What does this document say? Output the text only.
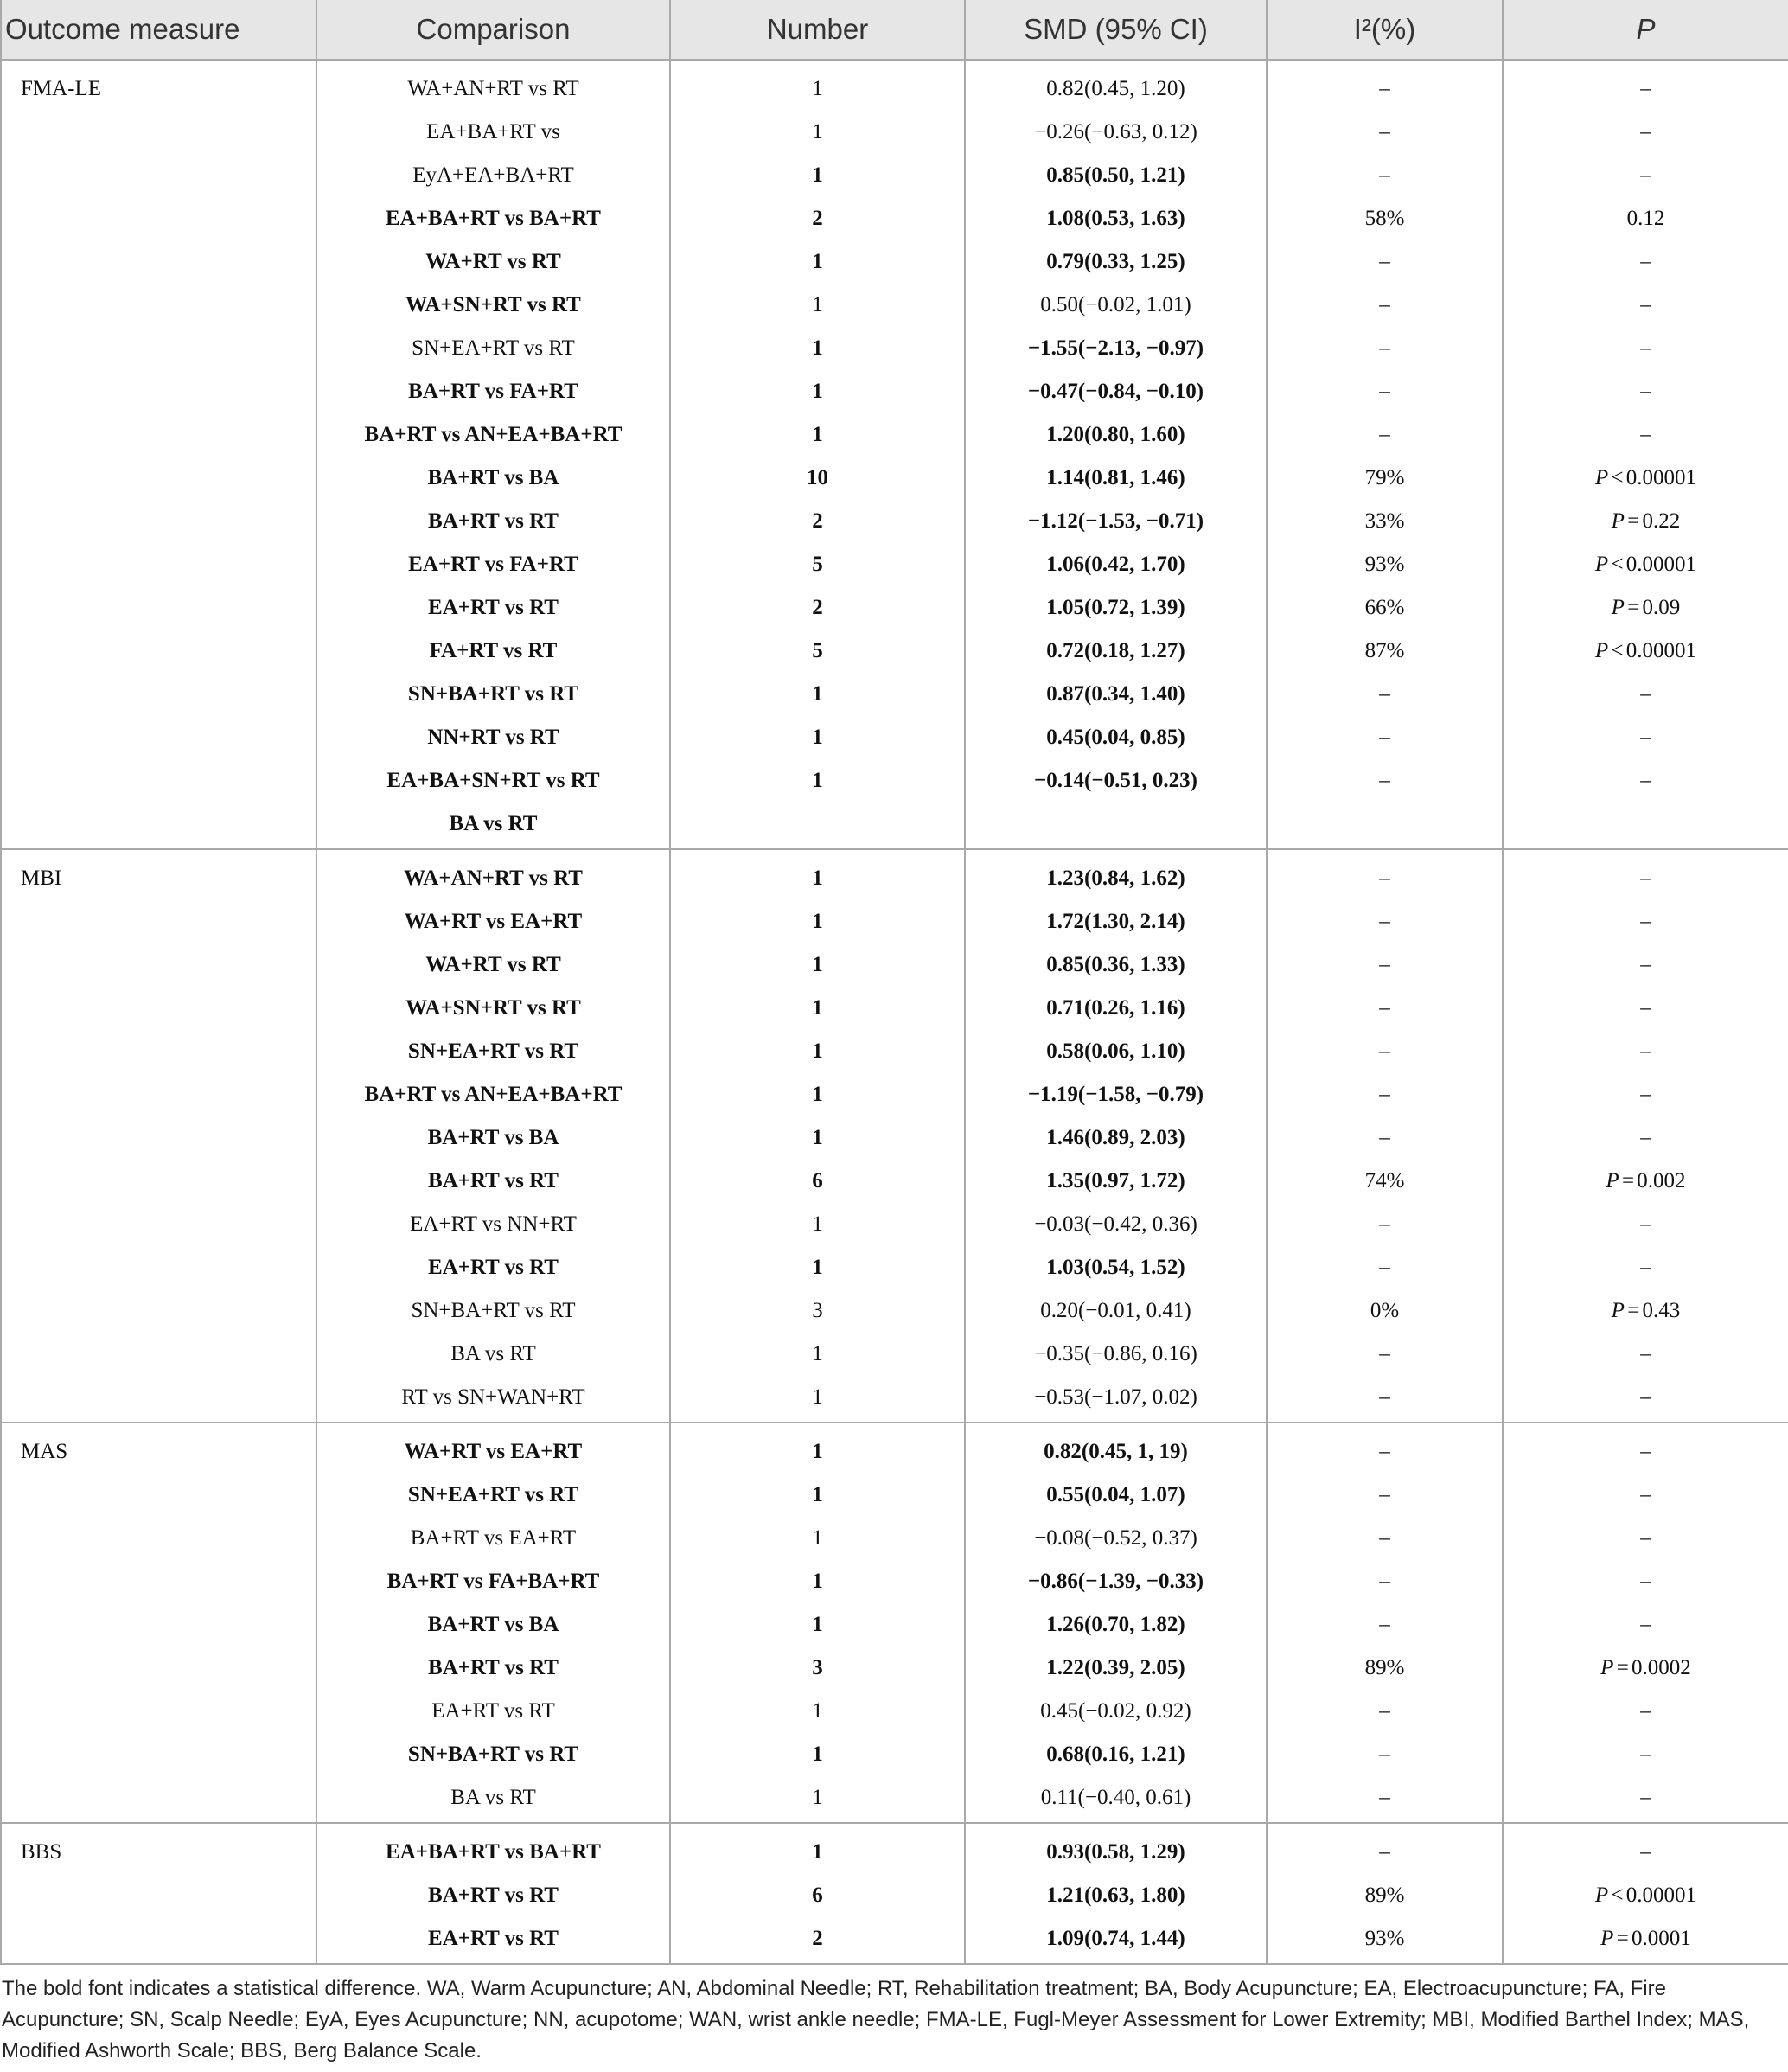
Outcome measure	Comparison	Number	SMD (95% CI)	I²(%)	P
FMA-LE	WA+AN+RT vs RT	1	0.82(0.45, 1.20)	–	–
EA+BA+RT vs	1	−0.26(−0.63, 0.12)	–	–
EyA+EA+BA+RT	1	0.85(0.50, 1.21)	–	–
EA+BA+RT vs BA+RT	2	1.08(0.53, 1.63)	58%	0.12
WA+RT vs RT	1	0.79(0.33, 1.25)	–	–
WA+SN+RT vs RT	1	0.50(−0.02, 1.01)	–	–
SN+EA+RT vs RT	1	−1.55(−2.13, −0.97)	–	–
BA+RT vs FA+RT	1	−0.47(−0.84, −0.10)	–	–
BA+RT vs AN+EA+BA+RT	1	1.20(0.80, 1.60)	–	–
BA+RT vs BA	10	1.14(0.81, 1.46)	79%	P < 0.00001
BA+RT vs RT	2	−1.12(−1.53, −0.71)	33%	P = 0.22
EA+RT vs FA+RT	5	1.06(0.42, 1.70)	93%	P < 0.00001
EA+RT vs RT	2	1.05(0.72, 1.39)	66%	P = 0.09
FA+RT vs RT	5	0.72(0.18, 1.27)	87%	P < 0.00001
SN+BA+RT vs RT	1	0.87(0.34, 1.40)	–	–
NN+RT vs RT	1	0.45(0.04, 0.85)	–	–
EA+BA+SN+RT vs RT	1	−0.14(−0.51, 0.23)	–	–
BA vs RT
MBI	WA+AN+RT vs RT	1	1.23(0.84, 1.62)	–	–
WA+RT vs EA+RT	1	1.72(1.30, 2.14)	–	–
WA+RT vs RT	1	0.85(0.36, 1.33)	–	–
WA+SN+RT vs RT	1	0.71(0.26, 1.16)	–	–
SN+EA+RT vs RT	1	0.58(0.06, 1.10)	–	–
BA+RT vs AN+EA+BA+RT	1	−1.19(−1.58, −0.79)	–	–
BA+RT vs BA	1	1.46(0.89, 2.03)	–	–
BA+RT vs RT	6	1.35(0.97, 1.72)	74%	P = 0.002
EA+RT vs NN+RT	1	−0.03(−0.42, 0.36)	–	–
EA+RT vs RT	1	1.03(0.54, 1.52)	–	–
SN+BA+RT vs RT	3	0.20(−0.01, 0.41)	0%	P = 0.43
BA vs RT	1	−0.35(−0.86, 0.16)	–	–
RT vs SN+WAN+RT	1	−0.53(−1.07, 0.02)	–	–
MAS	WA+RT vs EA+RT	1	0.82(0.45, 1, 19)	–	–
SN+EA+RT vs RT	1	0.55(0.04, 1.07)	–	–
BA+RT vs EA+RT	1	−0.08(−0.52, 0.37)	–	–
BA+RT vs FA+BA+RT	1	−0.86(−1.39, −0.33)	–	–
BA+RT vs BA	1	1.26(0.70, 1.82)	–	–
BA+RT vs RT	3	1.22(0.39, 2.05)	89%	P = 0.0002
EA+RT vs RT	1	0.45(−0.02, 0.92)	–	–
SN+BA+RT vs RT	1	0.68(0.16, 1.21)	–	–
BA vs RT	1	0.11(−0.40, 0.61)	–	–
BBS	EA+BA+RT vs BA+RT	1	0.93(0.58, 1.29)	–	–
BA+RT vs RT	6	1.21(0.63, 1.80)	89%	P < 0.00001
EA+RT vs RT	2	1.09(0.74, 1.44)	93%	P = 0.0001
The bold font indicates a statistical difference. WA, Warm Acupuncture; AN, Abdominal Needle; RT, Rehabilitation treatment; BA, Body Acupuncture; EA, Electroacupuncture; FA, Fire Acupuncture; SN, Scalp Needle; EyA, Eyes Acupuncture; NN, acupotome; WAN, wrist ankle needle; FMA-LE, Fugl-Meyer Assessment for Lower Extremity; MBI, Modified Barthel Index; MAS, Modified Ashworth Scale; BBS, Berg Balance Scale.
